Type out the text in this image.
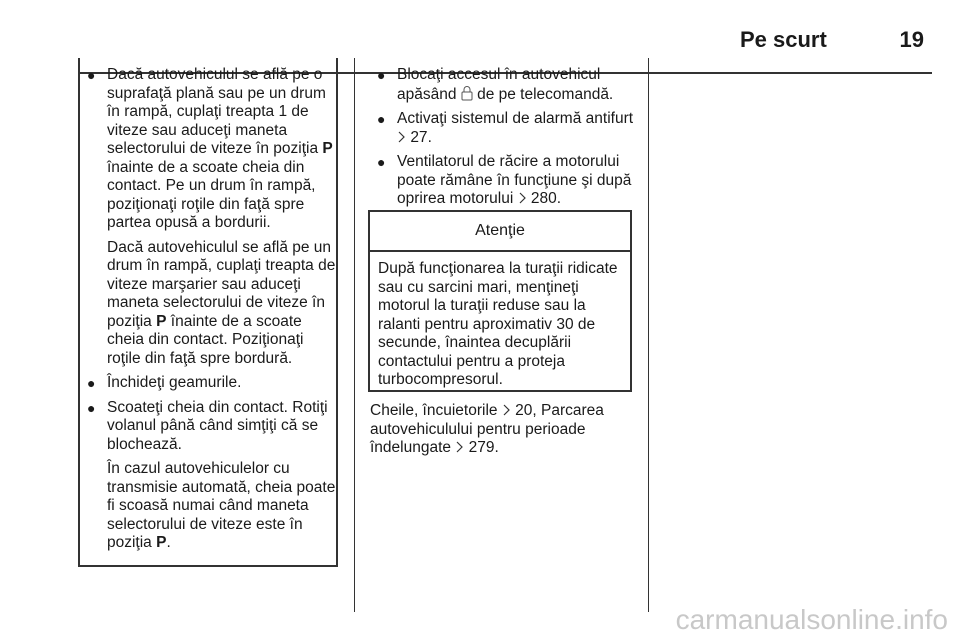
Pe scurt	19
● Dacă autovehiculul se află pe o suprafaţă plană sau pe un drum în rampă, cuplaţi treapta 1 de viteze sau aduceţi maneta selectorului de viteze în poziţia P înainte de a scoate cheia din contact. Pe un drum în rampă, poziţionaţi roţile din faţă spre partea opusă a bordurii.

Dacă autovehiculul se află pe un drum în rampă, cuplaţi treapta de viteze marşarier sau aduceţi maneta selectorului de viteze în poziţia P înainte de a scoate cheia din contact. Poziţionaţi roţile din faţă spre bordură.

● Închideţi geamurile.

● Scoateţi cheia din contact. Rotiţi volanul până când simţiţi că se blochează.

În cazul autovehiculelor cu transmisie automată, cheia poate fi scoasă numai când maneta selectorului de viteze este în poziţia P.

● Blocaţi accesul în autovehicul apăsând  de pe telecomandă.

● Activaţi sistemul de alarmă antifurt  27.

● Ventilatorul de răcire a motorului poate rămâne în funcţiune şi după oprirea motorului  280.

Atenţie
După funcţionarea la turaţii ridicate sau cu sarcini mari, menţineţi motorul la turaţii reduse sau la ralanti pentru aproximativ 30 de secunde, înaintea decuplării contactului pentru a proteja turbocompresorul.

Cheile, încuietorile  20, Parcarea autovehiculului pentru perioade îndelungate  279.

carmanualsonline.info
